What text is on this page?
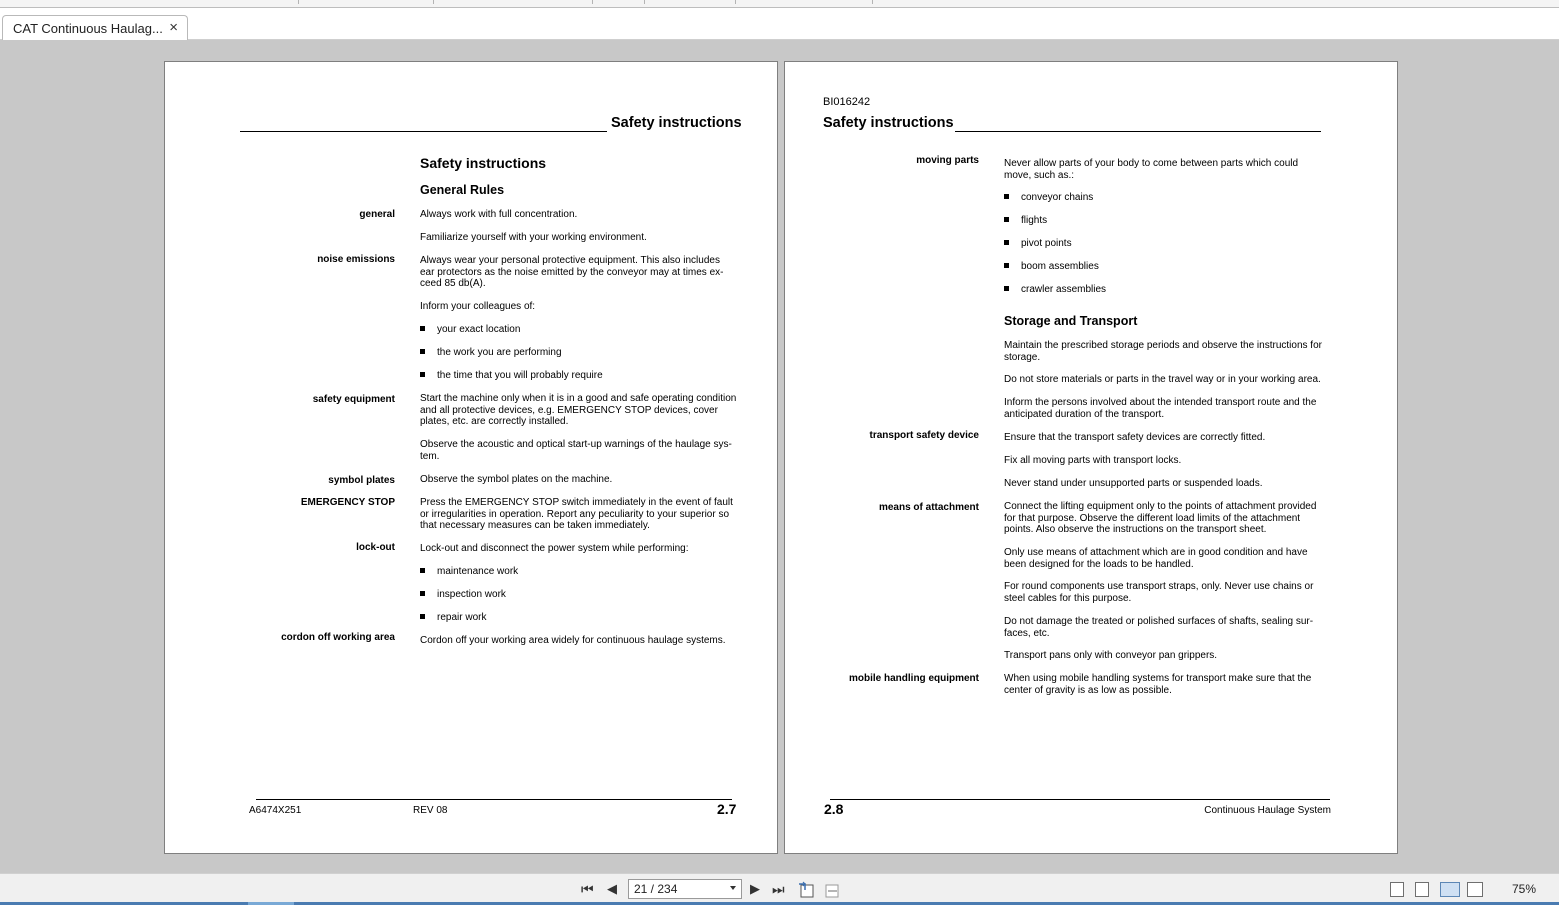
CAT Continuous Haulag... ×
Safety instructions
Safety instructions
General Rules
general	Always work with full concentration.
Familiarize yourself with your working environment.
noise emissions	Always wear your personal protective equipment. This also includes ear protectors as the noise emitted by the conveyor may at times ex- ceed 85 db(A).
Inform your colleagues of:
your exact location
the work you are performing
the time that you will probably require
safety equipment	Start the machine only when it is in a good and safe operating condition and all protective devices, e.g. EMERGENCY STOP devices, cover plates, etc. are correctly installed.
Observe the acoustic and optical start-up warnings of the haulage sys- tem.
symbol plates	Observe the symbol plates on the machine.
EMERGENCY STOP	Press the EMERGENCY STOP switch immediately in the event of fault or irregularities in operation. Report any peculiarity to your superior so that necessary measures can be taken immediately.
lock-out	Lock-out and disconnect the power system while performing:
maintenance work
inspection work
repair work
cordon off working area	Cordon off your working area widely for continuous haulage systems.
A6474X251	REV 08	2.7
BI016242
Safety instructions
moving parts	Never allow parts of your body to come between parts which could move, such as.:
conveyor chains
flights
pivot points
boom assemblies
crawler assemblies
Storage and Transport
Maintain the prescribed storage periods and observe the instructions for storage.
Do not store materials or parts in the travel way or in your working area.
Inform the persons involved about the intended transport route and the anticipated duration of the transport.
transport safety device	Ensure that the transport safety devices are correctly fitted.
Fix all moving parts with transport locks.
Never stand under unsupported parts or suspended loads.
means of attachment	Connect the lifting equipment only to the points of attachment provided for that purpose. Observe the different load limits of the attachment points. Also observe the instructions on the transport sheet.
Only use means of attachment which are in good condition and have been designed for the loads to be handled.
For round components use transport straps, only. Never use chains or steel cables for this purpose.
Do not damage the treated or polished surfaces of shafts, sealing sur- faces, etc.
Transport pans only with conveyor pan grippers.
mobile handling equipment	When using mobile handling systems for transport make sure that the center of gravity is as low as possible.
2.8	Continuous Haulage System
⏮ ◀	21 / 234	▶ ⏭	75%
